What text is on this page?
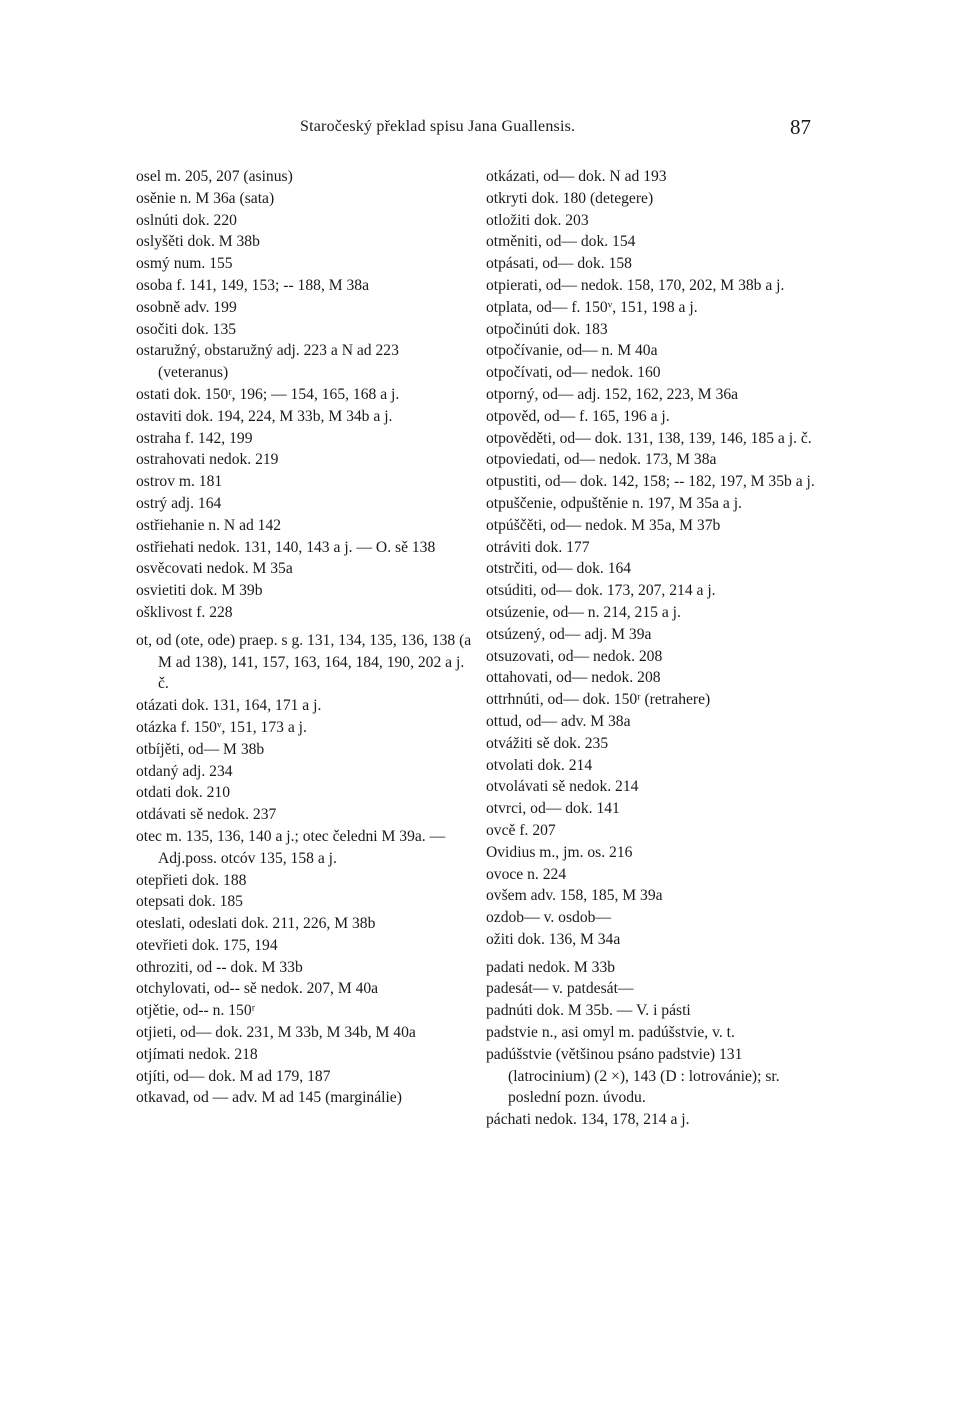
Staročeský překlad spisu Jana Guallensis.	87
osel m. 205, 207 (asinus)
osěnie n. M 36a (sata)
oslnúti dok. 220
oslyšěti dok. M 38b
osmý num. 155
osoba f. 141, 149, 153; -- 188, M 38a
osobně adv. 199
osočiti dok. 135
ostaružný, obstaružný adj. 223 a N ad 223 (veteranus)
ostati dok. 150ʳ, 196; — 154, 165, 168 a j.
ostaviti dok. 194, 224, M 33b, M 34b a j.
ostraha f. 142, 199
ostrahovati nedok. 219
ostrov m. 181
ostrý adj. 164
ostřiehanie n. N ad 142
ostřiehati nedok. 131, 140, 143 a j. — O. sě 138
osvěcovati nedok. M 35a
osvietiti dok. M 39b
ošklivost f. 228
ot, od (ote, ode) praep. s g. 131, 134, 135, 136, 138 (a M ad 138), 141, 157, 163, 164, 184, 190, 202 a j. č.
otázati dok. 131, 164, 171 a j.
otázka f. 150ᵛ, 151, 173 a j.
otbíjěti, od— M 38b
otdaný adj. 234
otdati dok. 210
otdávati sě nedok. 237
otec m. 135, 136, 140 a j.; otec čeledni M 39a. — Adj.poss. otcóv 135, 158 a j.
otepřieti dok. 188
otepsati dok. 185
oteslati, odeslati dok. 211, 226, M 38b
otevřieti dok. 175, 194
othroziti, od -- dok. M 33b
otchylovati, od-- sě nedok. 207, M 40a
otjětie, od-- n. 150ʳ
otjieti, od— dok. 231, M 33b, M 34b, M 40a
otjímati nedok. 218
otjíti, od— dok. M ad 179, 187
otkavad, od — adv. M ad 145 (marginálie)
otkázati, od— dok. N ad 193
otkryti dok. 180 (detegere)
otložiti dok. 203
otměniti, od— dok. 154
otpásati, od— dok. 158
otpierati, od— nedok. 158, 170, 202, M 38b a j.
otplata, od— f. 150ᵛ, 151, 198 a j.
otpočinúti dok. 183
otpočívanie, od— n. M 40a
otpočívati, od— nedok. 160
otporný, od— adj. 152, 162, 223, M 36a
otpověd, od— f. 165, 196 a j.
otpověděti, od— dok. 131, 138, 139, 146, 185 a j. č.
otpoviedati, od— nedok. 173, M 38a
otpustiti, od— dok. 142, 158; -- 182, 197, M 35b a j.
otpuščenie, odpuštěnie n. 197, M 35a a j.
otpúščěti, od— nedok. M 35a, M 37b
otráviti dok. 177
otstrčiti, od— dok. 164
otsúditi, od— dok. 173, 207, 214 a j.
otsúzenie, od— n. 214, 215 a j.
otsúzený, od— adj. M 39a
otsuzovati, od— nedok. 208
ottahovati, od— nedok. 208
ottrhnúti, od— dok. 150ʳ (retrahere)
ottud, od— adv. M 38a
otvážiti sě dok. 235
otvolati dok. 214
otvolávati sě nedok. 214
otvrci, od— dok. 141
ovcě f. 207
Ovidius m., jm. os. 216
ovoce n. 224
ovšem adv. 158, 185, M 39a
ozdob— v. osdob—
ožiti dok. 136, M 34a
padati nedok. M 33b
padesát— v. patdesát—
padnúti dok. M 35b. — V. i pásti
padstvie n., asi omyl m. padúšstvie, v. t.
padúšstvie (většinou psáno padstvie) 131 (latrocinium) (2 ×), 143 (D : lotrovánie); sr. poslední pozn. úvodu.
páchati nedok. 134, 178, 214 a j.
